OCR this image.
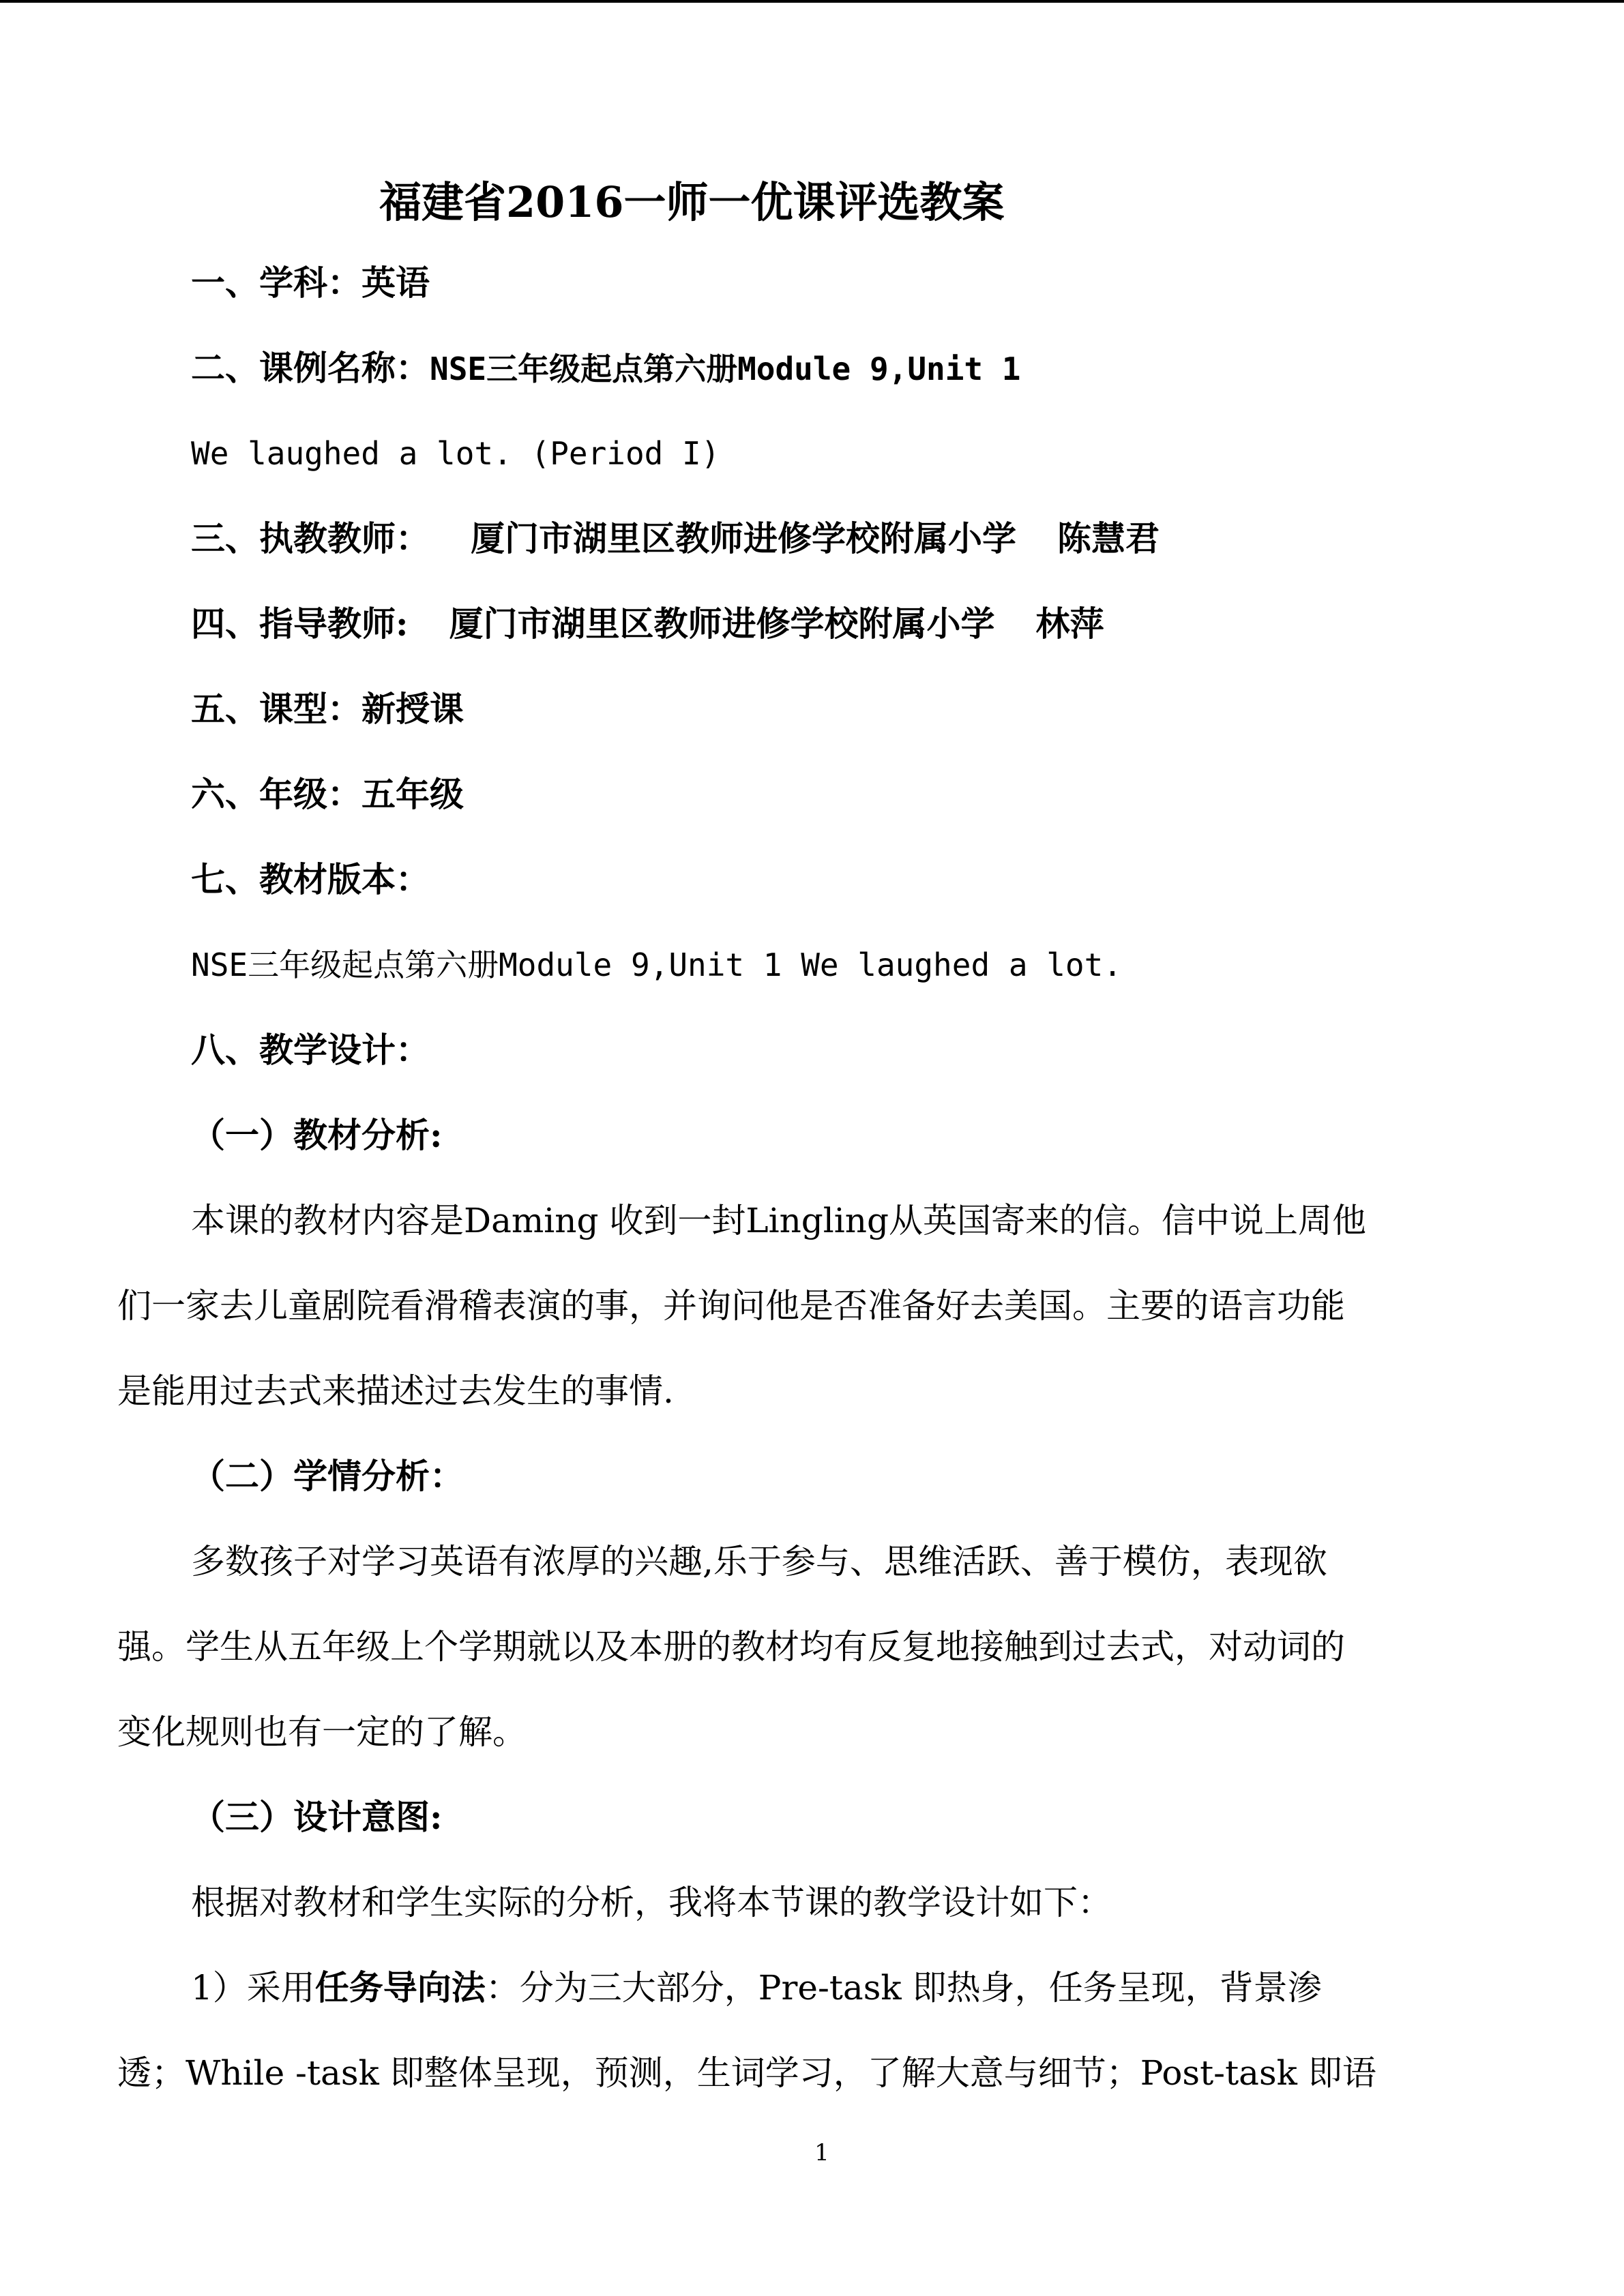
福建省2016一师一优课评选教案
一、学科：英语
二、课例名称：NSE三年级起点第六册Module 9,Unit 1
We laughed a lot. (Period I)
三、执教教师： 厦门市湖里区教师进修学校附属小学 陈慧君
四、指导教师: 厦门市湖里区教师进修学校附属小学 林萍
五、课型：新授课
六、年级：五年级
七、教材版本：
NSE三年级起点第六册Module 9,Unit 1 We laughed a lot.
八、教学设计：
（一）教材分析:
本课的教材内容是Daming 收到一封Lingling从英国寄来的信。信中说上周他
们一家去儿童剧院看滑稽表演的事，并询问他是否准备好去美国。主要的语言功能
是能用过去式来描述过去发生的事情.
（二）学情分析：
多数孩子对学习英语有浓厚的兴趣,乐于参与、思维活跃、善于模仿，表现欲
强。学生从五年级上个学期就以及本册的教材均有反复地接触到过去式，对动词的
变化规则也有一定的了解。
（三）设计意图:
根据对教材和学生实际的分析，我将本节课的教学设计如下：
1）采用任务导向法：分为三大部分，Pre-task 即热身，任务呈现，背景渗
透；While -task 即整体呈现，预测，生词学习，了解大意与细节；Post-task 即语
1
